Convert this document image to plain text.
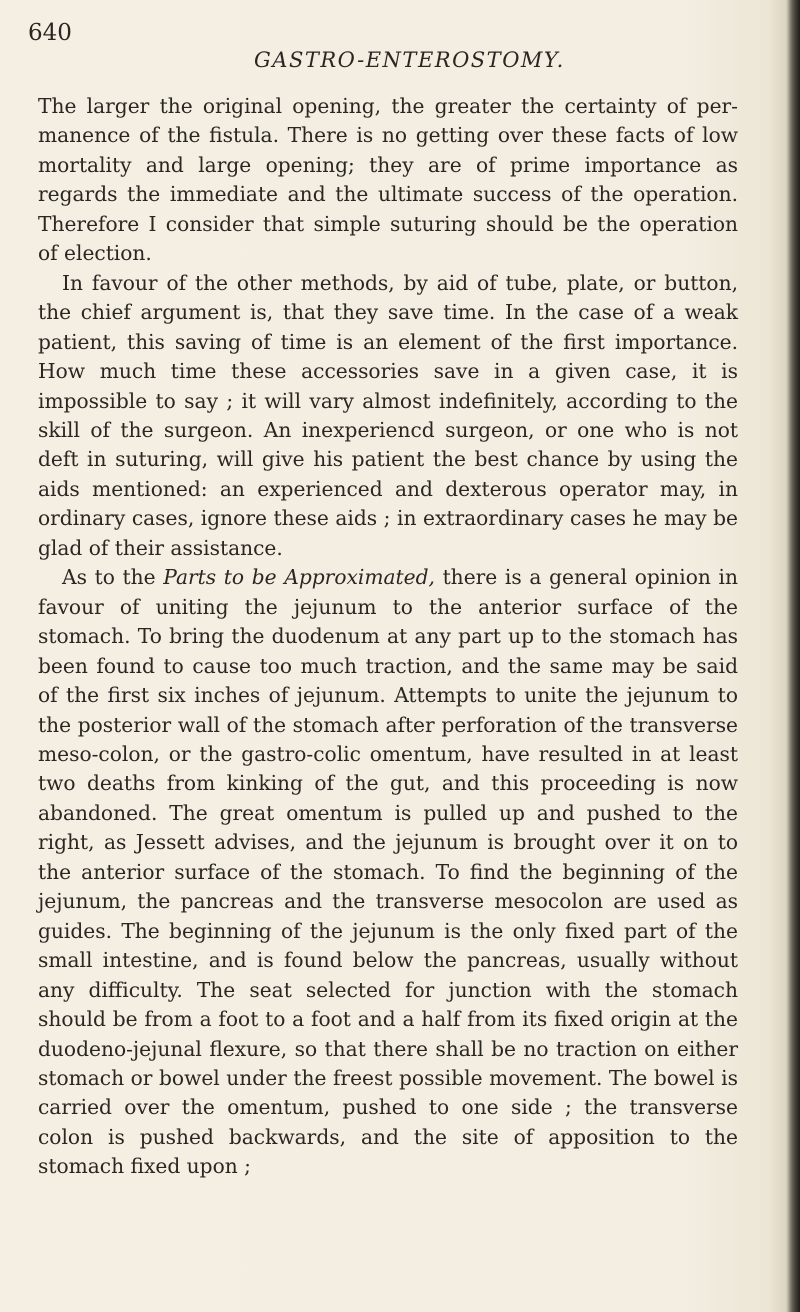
640
GASTRO-ENTEROSTOMY.

The larger the original opening, the greater the certainty of permanence of the fistula. There is no getting over these facts of low mortality and large opening; they are of prime importance as regards the immediate and the ultimate success of the operation. Therefore I consider that simple suturing should be the operation of election.

In favour of the other methods, by aid of tube, plate, or button, the chief argument is, that they save time. In the case of a weak patient, this saving of time is an element of the first importance. How much time these accessories save in a given case, it is impossible to say ; it will vary almost indefinitely, according to the skill of the surgeon. An inexperiencd surgeon, or one who is not deft in suturing, will give his patient the best chance by using the aids mentioned: an experienced and dexterous operator may, in ordinary cases, ignore these aids ; in extraordinary cases he may be glad of their assistance.

As to the Parts to be Approximated, there is a general opinion in favour of uniting the jejunum to the anterior surface of the stomach. To bring the duodenum at any part up to the stomach has been found to cause too much traction, and the same may be said of the first six inches of jejunum. Attempts to unite the jejunum to the posterior wall of the stomach after perforation of the transverse meso-colon, or the gastro-colic omentum, have resulted in at least two deaths from kinking of the gut, and this proceeding is now abandoned. The great omentum is pulled up and pushed to the right, as Jessett advises, and the jejunum is brought over it on to the anterior surface of the stomach. To find the beginning of the jejunum, the pancreas and the transverse mesocolon are used as guides. The beginning of the jejunum is the only fixed part of the small intestine, and is found below the pancreas, usually without any difficulty. The seat selected for junction with the stomach should be from a foot to a foot and a half from its fixed origin at the duodeno-jejunal flexure, so that there shall be no traction on either stomach or bowel under the freest possible movement. The bowel is carried over the omentum, pushed to one side ; the transverse colon is pushed backwards, and the site of apposition to the stomach fixed upon ;
